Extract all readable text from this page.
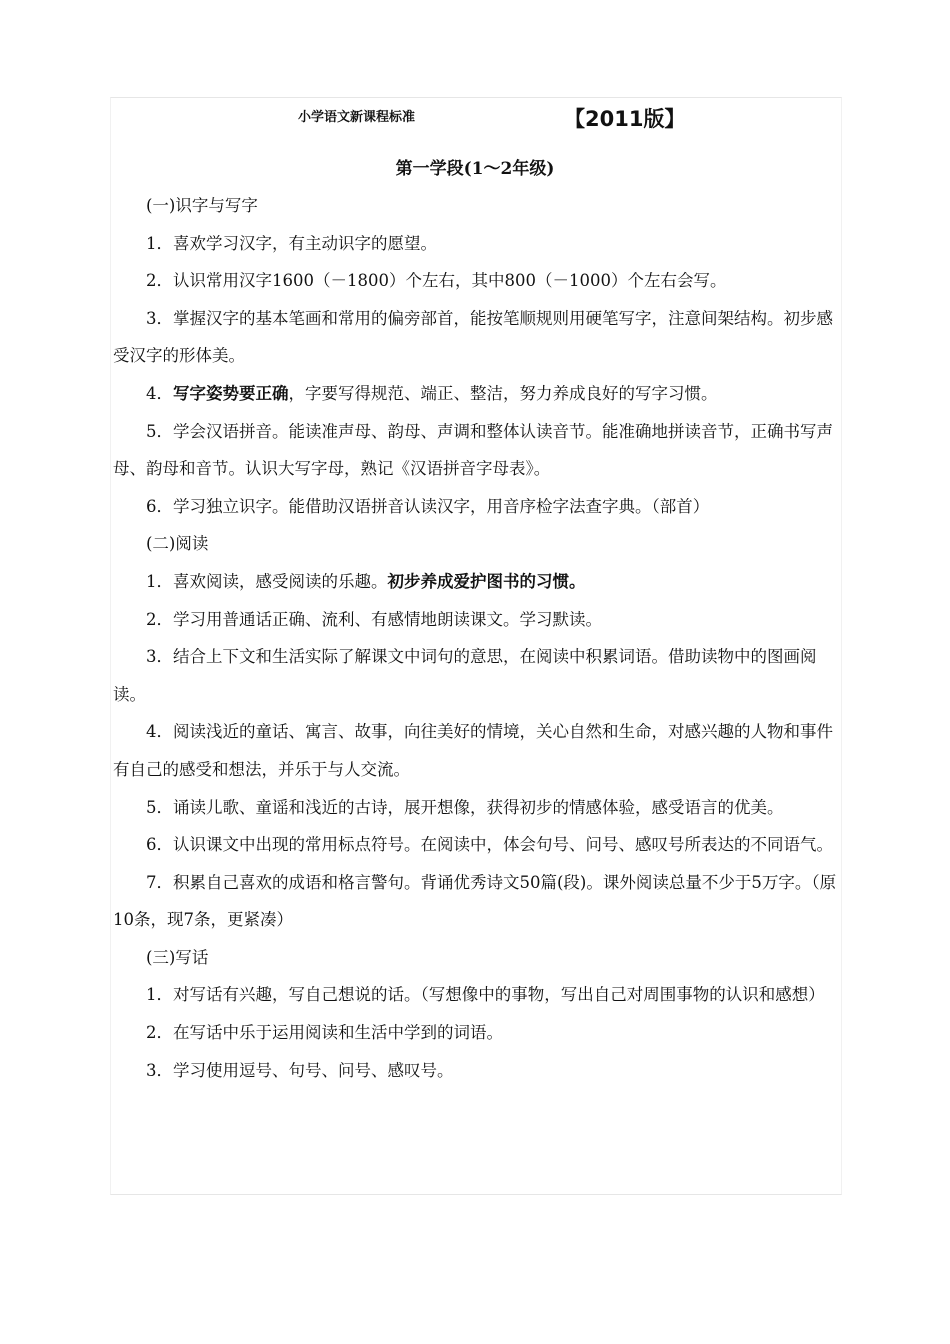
小学语文新课程标准	【2011版】
第一学段(1～2年级)

(一)识字与写字

1．喜欢学习汉字，有主动识字的愿望。

2．认识常用汉字1600（－1800）个左右，其中800（－1000）个左右会写。

3．掌握汉字的基本笔画和常用的偏旁部首，能按笔顺规则用硬笔写字，注意间架结构。初步感受汉字的形体美。

4．写字姿势要正确，字要写得规范、端正、整洁，努力养成良好的写字习惯。

5．学会汉语拼音。能读准声母、韵母、声调和整体认读音节。能准确地拼读音节，正确书写声母、韵母和音节。认识大写字母，熟记《汉语拼音字母表》。

6．学习独立识字。能借助汉语拼音认读汉字，用音序检字法查字典。（部首）

(二)阅读

1．喜欢阅读，感受阅读的乐趣。初步养成爱护图书的习惯。

2．学习用普通话正确、流利、有感情地朗读课文。学习默读。

3．结合上下文和生活实际了解课文中词句的意思，在阅读中积累词语。借助读物中的图画阅读。

4．阅读浅近的童话、寓言、故事，向往美好的情境，关心自然和生命，对感兴趣的人物和事件有自己的感受和想法，并乐于与人交流。

5．诵读儿歌、童谣和浅近的古诗，展开想像，获得初步的情感体验，感受语言的优美。

6．认识课文中出现的常用标点符号。在阅读中，体会句号、问号、感叹号所表达的不同语气。

7．积累自己喜欢的成语和格言警句。背诵优秀诗文50篇(段)。课外阅读总量不少于5万字。（原10条，现7条，更紧凑）

(三)写话

1．对写话有兴趣，写自己想说的话。（写想像中的事物，写出自己对周围事物的认识和感想）

2．在写话中乐于运用阅读和生活中学到的词语。

3．学习使用逗号、句号、问号、感叹号。
